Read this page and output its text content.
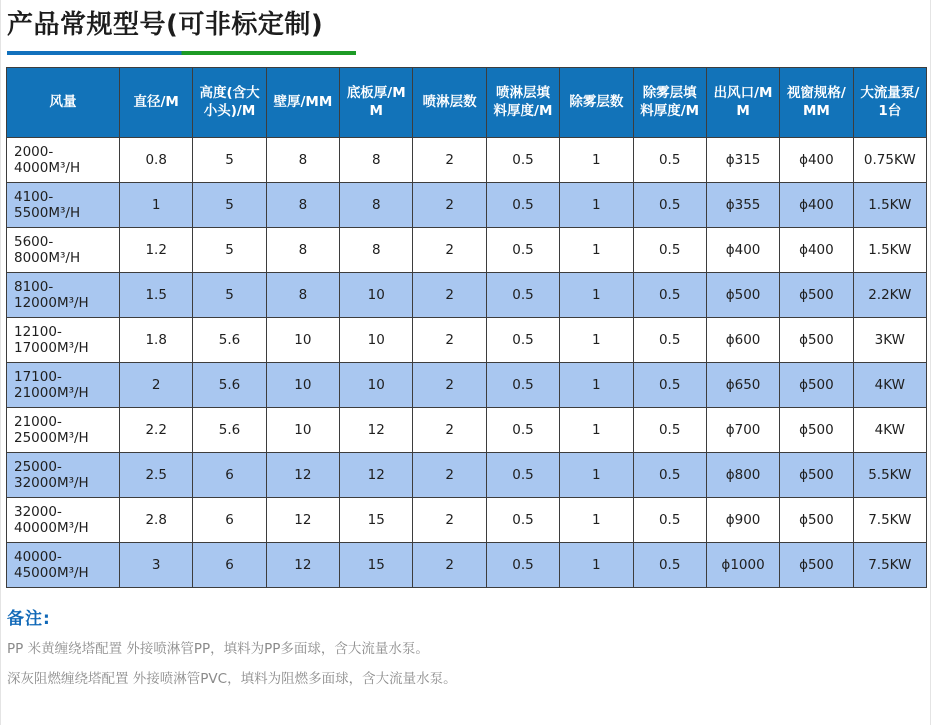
产品常规型号(可非标定制)
风量	直径/M	高度(含大小头)/M	壁厚/MM	底板厚/MM	喷淋层数	喷淋层填料厚度/M	除雾层数	除雾层填料厚度/M	出风口/MM	视窗规格/MM	大流量泵/1台
2000-4000M³/H	0.8	5	8	8	2	0.5	1	0.5	ϕ315	ϕ400	0.75KW
4100-5500M³/H	1	5	8	8	2	0.5	1	0.5	ϕ355	ϕ400	1.5KW
5600-8000M³/H	1.2	5	8	8	2	0.5	1	0.5	ϕ400	ϕ400	1.5KW
8100-12000M³/H	1.5	5	8	10	2	0.5	1	0.5	ϕ500	ϕ500	2.2KW
12100-17000M³/H	1.8	5.6	10	10	2	0.5	1	0.5	ϕ600	ϕ500	3KW
17100-21000M³/H	2	5.6	10	10	2	0.5	1	0.5	ϕ650	ϕ500	4KW
21000-25000M³/H	2.2	5.6	10	12	2	0.5	1	0.5	ϕ700	ϕ500	4KW
25000-32000M³/H	2.5	6	12	12	2	0.5	1	0.5	ϕ800	ϕ500	5.5KW
32000-40000M³/H	2.8	6	12	15	2	0.5	1	0.5	ϕ900	ϕ500	7.5KW
40000-45000M³/H	3	6	12	15	2	0.5	1	0.5	ϕ1000	ϕ500	7.5KW
备注:
PP 米黄缠绕塔配置 外接喷淋管PP，填料为PP多面球，含大流量水泵。
深灰阻燃缠绕塔配置 外接喷淋管PVC，填料为阻燃多面球，含大流量水泵。
